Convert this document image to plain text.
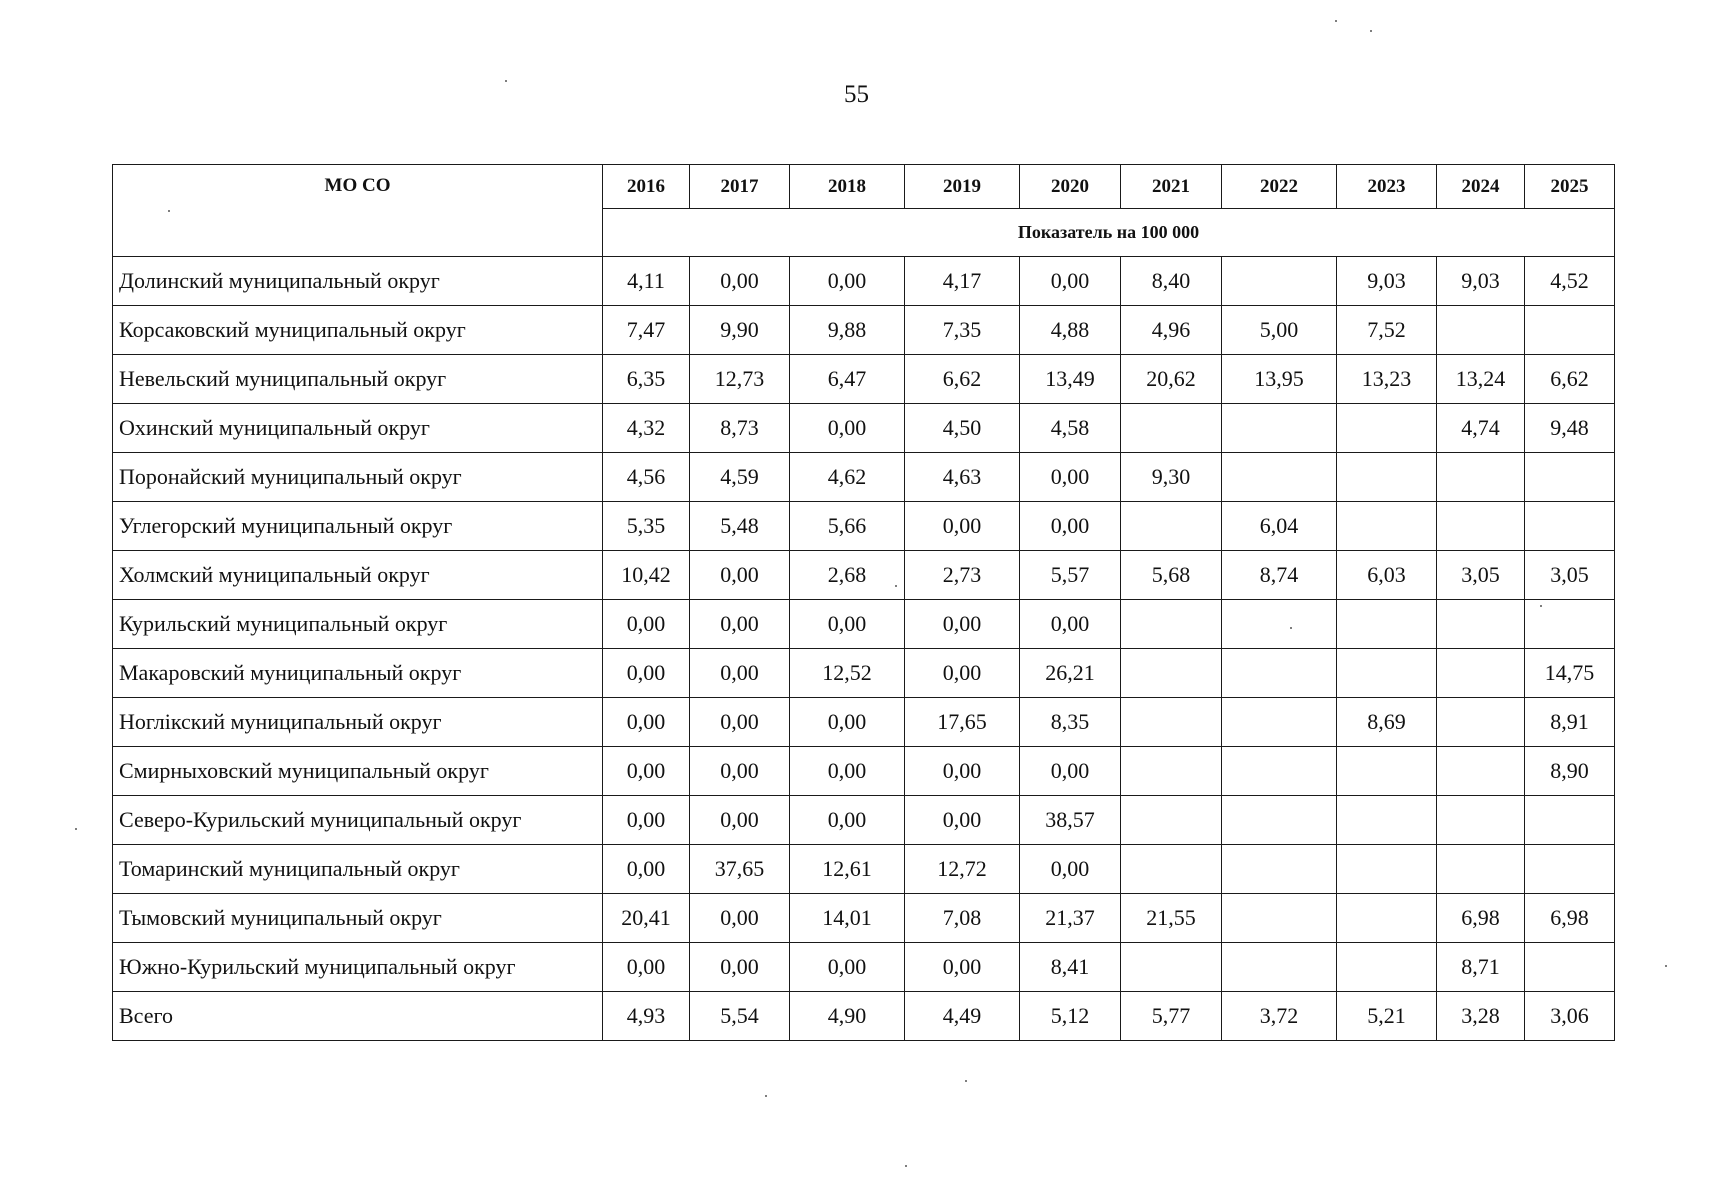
55
МО СО	2016	2017	2018	2019	2020	2021	2022	2023	2024	2025
	Показатель на 100 000									
Долинский муниципальный округ	4,11	0,00	0,00	4,17	0,00	8,40		9,03	9,03	4,52
Корсаковский муниципальный округ	7,47	9,90	9,88	7,35	4,88	4,96	5,00	7,52		
Невельский муниципальный округ	6,35	12,73	6,47	6,62	13,49	20,62	13,95	13,23	13,24	6,62
Охинский муниципальный округ	4,32	8,73	0,00	4,50	4,58				4,74	9,48
Поронайский муниципальный округ	4,56	4,59	4,62	4,63	0,00	9,30				
Углегорский муниципальный округ	5,35	5,48	5,66	0,00	0,00		6,04			
Холмский муниципальный округ	10,42	0,00	2,68	2,73	5,57	5,68	8,74	6,03	3,05	3,05
Курильский муниципальный округ	0,00	0,00	0,00	0,00	0,00					
Макаровский муниципальный округ	0,00	0,00	12,52	0,00	26,21					14,75
Ноглікский муниципальный округ	0,00	0,00	0,00	17,65	8,35			8,69		8,91
Смирныховский муниципальный округ	0,00	0,00	0,00	0,00	0,00					8,90
Северо-Курильский муниципальный округ	0,00	0,00	0,00	0,00	38,57					
Томаринский муниципальный округ	0,00	37,65	12,61	12,72	0,00					
Тымовский муниципальный округ	20,41	0,00	14,01	7,08	21,37	21,55			6,98	6,98
Южно-Курильский муниципальный округ	0,00	0,00	0,00	0,00	8,41				8,71	
Всего	4,93	5,54	4,90	4,49	5,12	5,77	3,72	5,21	3,28	3,06
